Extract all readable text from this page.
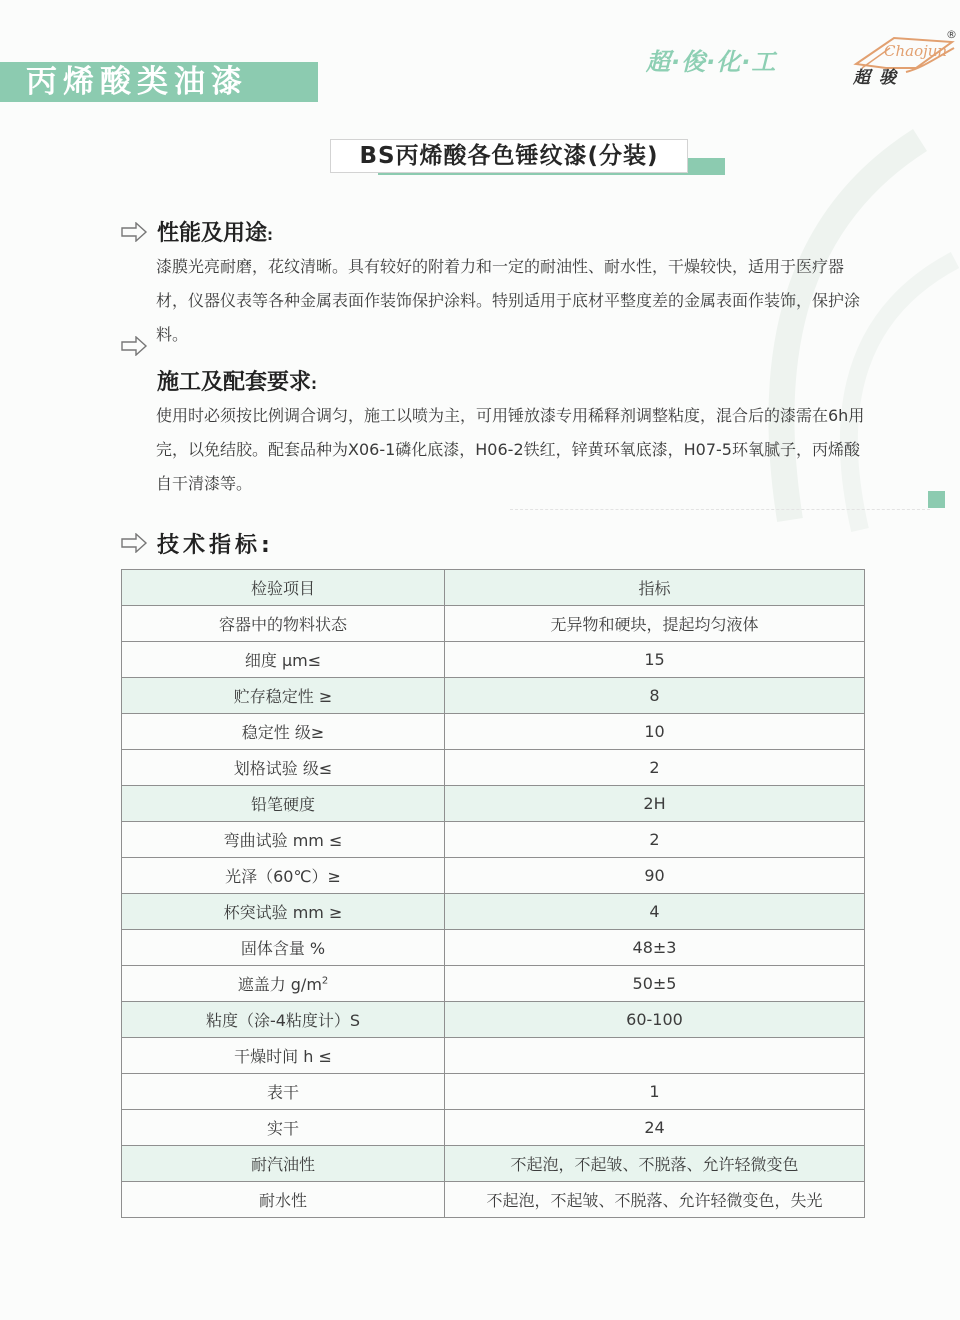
丙烯酸类油漆
超·俊·化·工	Chaojun
超骏
®
BS丙烯酸各色锤纹漆(分装)
性能及用途:

漆膜光亮耐磨，花纹清晰。具有较好的附着力和一定的耐油性、耐水性，干燥较快，适用于医疗器材，仪器仪表等各种金属表面作装饰保护涂料。特别适用于底材平整度差的金属表面作装饰，保护涂料。

施工及配套要求:

使用时必须按比例调合调匀，施工以喷为主，可用锤放漆专用稀释剂调整粘度，混合后的漆需在6h用完，以免结胶。配套品种为X06-1磷化底漆，H06-2铁红，锌黄环氧底漆，H07-5环氧腻子，丙烯酸自干清漆等。

技术指标:
检验项目	指标
容器中的物料状态	无异物和硬块，提起均匀液体
细度 μm≤	15
贮存稳定性 ≥	8
稳定性 级≥	10
划格试验 级≤	2
铅笔硬度	2H
弯曲试验 mm ≤	2
光泽（60℃）≥	90
杯突试验 mm ≥	4
固体含量 %	48±3
遮盖力 $g/m^2$	50±5
粘度（涂-4粘度计）S	60-100
干燥时间 h ≤	
表干	1
实干	24
耐汽油性	不起泡，不起皱、不脱落、允许轻微变色
耐水性	不起泡，不起皱、不脱落、允许轻微变色，失光
